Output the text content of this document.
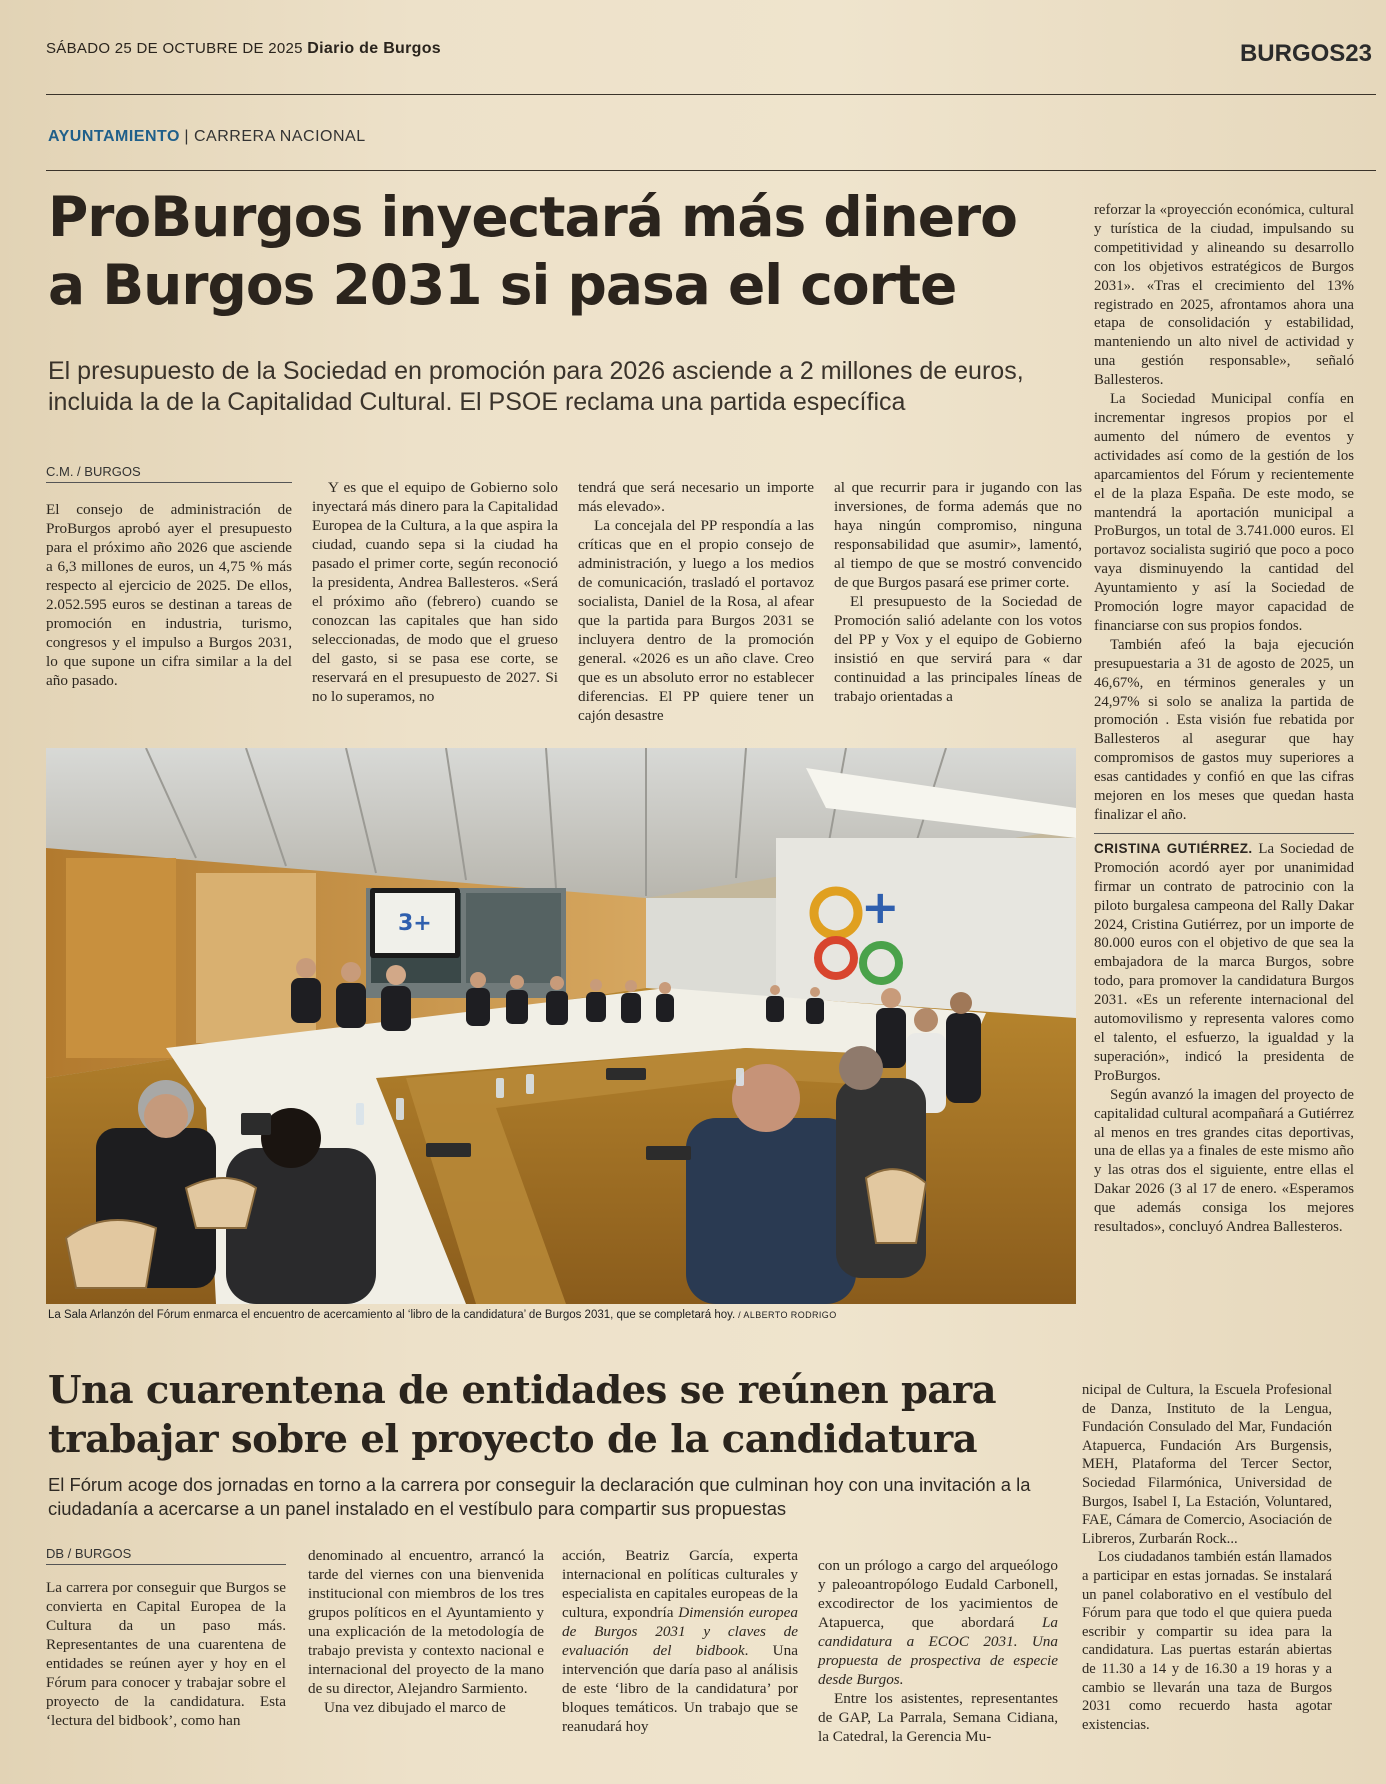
SÁBADO 25 DE OCTUBRE DE 2025 Diario de Burgos	BURGOS23
AYUNTAMIENTO | CARRERA NACIONAL
ProBurgos inyectará más dinero
a Burgos 2031 si pasa el corte
El presupuesto de la Sociedad en promoción para 2026 asciende a 2 millones de euros, incluida la de la Capitalidad Cultural. El PSOE reclama una partida específica
C.M. / BURGOS

El consejo de administración de ProBurgos aprobó ayer el presupuesto para el próximo año 2026 que asciende a 6,3 millones de euros, un 4,75 % más respecto al ejercicio de 2025. De ellos, 2.052.595 euros se destinan a tareas de promoción en industria, turismo, congresos y el impulso a Burgos 2031, lo que supone un cifra similar a la del año pasado.

Y es que el equipo de Gobierno solo inyectará más dinero para la Capitalidad Europea de la Cultura, a la que aspira la ciudad, cuando sepa si la ciudad ha pasado el primer corte, según reconoció la presidenta, Andrea Ballesteros. «Será el próximo año (febrero) cuando se conozcan las capitales que han sido seleccionadas, de modo que el grueso del gasto, si se pasa ese corte, se reservará en el presupuesto de 2027. Si no lo superamos, no

tendrá que será necesario un importe más elevado».

La concejala del PP respondía a las críticas que en el propio consejo de administración, y luego a los medios de comunicación, trasladó el portavoz socialista, Daniel de la Rosa, al afear que la partida para Burgos 2031 se incluyera dentro de la promoción general. «2026 es un año clave. Creo que es un absoluto error no establecer diferencias. El PP quiere tener un cajón desastre

al que recurrir para ir jugando con las inversiones, de forma además que no haya ningún compromiso, ninguna responsabilidad que asumir», lamentó, al tiempo de que se mostró convencido de que Burgos pasará ese primer corte.

El presupuesto de la Sociedad de Promoción salió adelante con los votos del PP y Vox y el equipo de Gobierno insistió en que servirá para « dar continuidad a las principales líneas de trabajo orientadas a

reforzar la «proyección económica, cultural y turística de la ciudad, impulsando su competitividad y alineando su desarrollo con los objetivos estratégicos de Burgos 2031». «Tras el crecimiento del 13% registrado en 2025, afrontamos ahora una etapa de consolidación y estabilidad, manteniendo un alto nivel de actividad y una gestión responsable», señaló Ballesteros.

La Sociedad Municipal confía en incrementar ingresos propios por el aumento del número de eventos y actividades así como de la gestión de los aparcamientos del Fórum y recientemente el de la plaza España. De este modo, se mantendrá la aportación municipal a ProBurgos, un total de 3.741.000 euros. El portavoz socialista sugirió que poco a poco vaya disminuyendo la cantidad del Ayuntamiento y así la Sociedad de Promoción logre mayor capacidad de financiarse con sus propios fondos.

También afeó la baja ejecución presupuestaria a 31 de agosto de 2025, un 46,67%, en términos generales y un 24,97% si solo se analiza la partida de promoción . Esta visión fue rebatida por Ballesteros al asegurar que hay compromisos de gastos muy superiores a esas cantidades y confió en que las cifras mejoren en los meses que quedan hasta finalizar el año.

CRISTINA GUTIÉRREZ. La Sociedad de Promoción acordó ayer por unanimidad firmar un contrato de patrocinio con la piloto burgalesa campeona del Rally Dakar 2024, Cristina Gutiérrez, por un importe de 80.000 euros con el objetivo de que sea la embajadora de la marca Burgos, sobre todo, para promover la candidatura Burgos 2031. «Es un referente internacional del automovilismo y representa valores como el talento, el esfuerzo, la igualdad y la superación», indicó la presidenta de ProBurgos.

Según avanzó la imagen del proyecto de capitalidad cultural acompañará a Gutiérrez al menos en tres grandes citas deportivas, una de ellas ya a finales de este mismo año y las otras dos el siguiente, entre ellas el Dakar 2026 (3 al 17 de enero. «Esperamos que además consiga los mejores resultados», concluyó Andrea Ballesteros.

+
3+
La Sala Arlanzón del Fórum enmarca el encuentro de acercamiento al ‘libro de la candidatura’ de Burgos 2031, que se completará hoy. / ALBERTO RODRIGO
Una cuarentena de entidades se reúnen para
trabajar sobre el proyecto de la candidatura
El Fórum acoge dos jornadas en torno a la carrera por conseguir la declaración que culminan hoy con una invitación a la ciudadanía a acercarse a un panel instalado en el vestíbulo para compartir sus propuestas
DB / BURGOS

La carrera por conseguir que Burgos se convierta en Capital Europea de la Cultura da un paso más. Representantes de una cuarentena de entidades se reúnen ayer y hoy en el Fórum para conocer y trabajar sobre el proyecto de la candidatura. Esta ‘lectura del bidbook’, como han

denominado al encuentro, arrancó la tarde del viernes con una bienvenida institucional con miembros de los tres grupos políticos en el Ayuntamiento y una explicación de la metodología de trabajo prevista y contexto nacional e internacional del proyecto de la mano de su director, Alejandro Sarmiento.

Una vez dibujado el marco de

acción, Beatriz García, experta internacional en políticas culturales y especialista en capitales europeas de la cultura, expondría Dimensión europea de Burgos 2031 y claves de evaluación del bidbook. Una intervención que daría paso al análisis de este ‘libro de la candidatura’ por bloques temáticos. Un trabajo que se reanudará hoy

con un prólogo a cargo del arqueólogo y paleoantropólogo Eudald Carbonell, excodirector de los yacimientos de Atapuerca, que abordará La candidatura a ECOC 2031. Una propuesta de prospectiva de especie desde Burgos.

Entre los asistentes, representantes de GAP, La Parrala, Semana Cidiana, la Catedral, la Gerencia Mu-

nicipal de Cultura, la Escuela Profesional de Danza, Instituto de la Lengua, Fundación Consulado del Mar, Fundación Atapuerca, Fundación Ars Burgensis, MEH, Plataforma del Tercer Sector, Sociedad Filarmónica, Universidad de Burgos, Isabel I, La Estación, Voluntared, FAE, Cámara de Comercio, Asociación de Libreros, Zurbarán Rock...

Los ciudadanos también están llamados a participar en estas jornadas. Se instalará un panel colaborativo en el vestíbulo del Fórum para que todo el que quiera pueda escribir y compartir su idea para la candidatura. Las puertas estarán abiertas de 11.30 a 14 y de 16.30 a 19 horas y a cambio se llevarán una taza de Burgos 2031 como recuerdo hasta agotar existencias.
